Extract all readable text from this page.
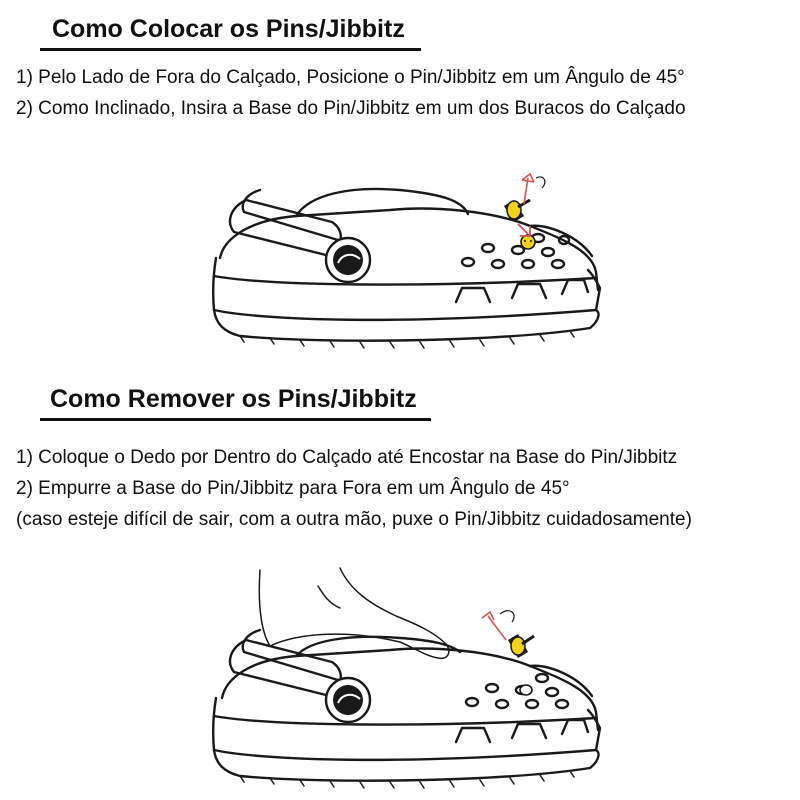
Como Colocar os Pins/Jibbitz
1) Pelo Lado de Fora do Calçado, Posicione o Pin/Jibbitz em um Ângulo de 45°
2) Como Inclinado, Insira a Base do Pin/Jibbitz em um dos Buracos do Calçado
Como Remover os Pins/Jibbitz
1) Coloque o Dedo por Dentro do Calçado até Encostar na Base do Pin/Jibbitz
2) Empurre a Base do Pin/Jibbitz para Fora em um Ângulo de 45°
(caso esteje difícil de sair, com a outra mão, puxe o Pin/Jibbitz cuidadosamente)
